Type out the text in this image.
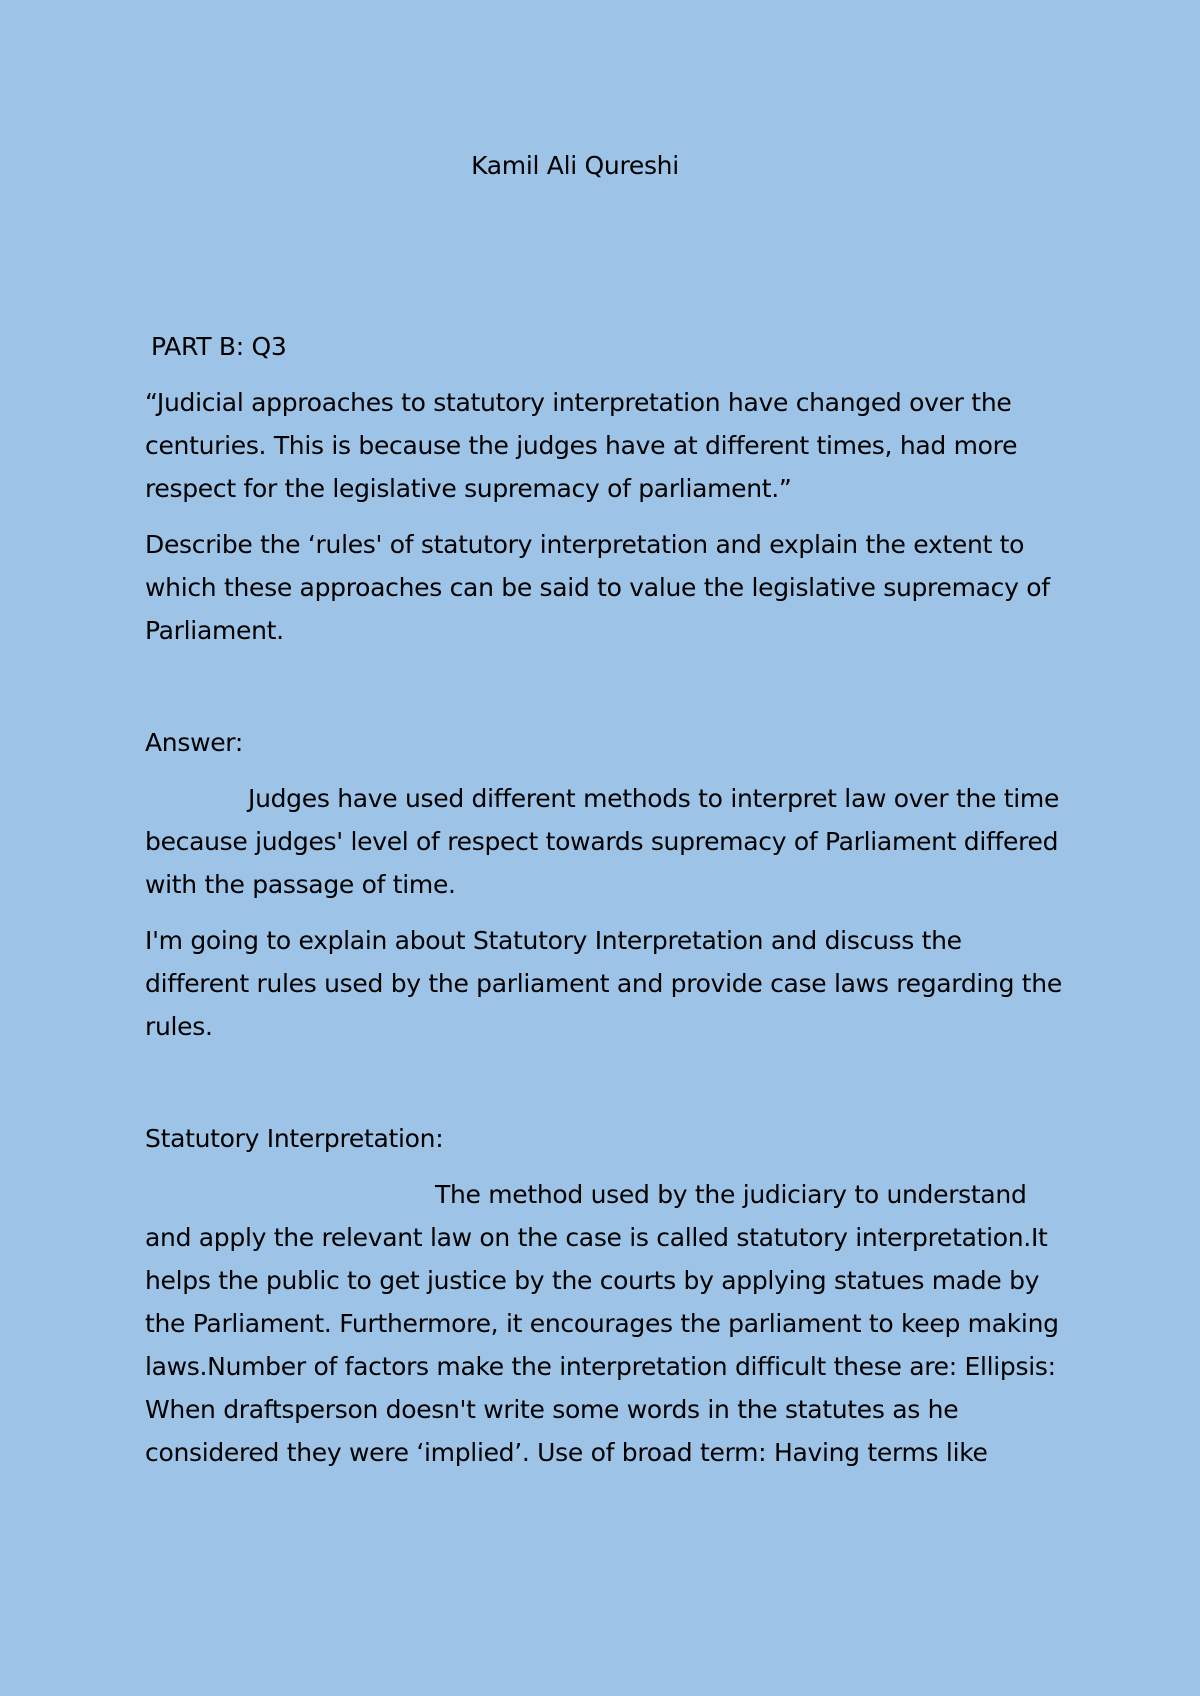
Kamil Ali Qureshi

PART B: Q3

“Judicial approaches to statutory interpretation have changed over the centuries. This is because the judges have at different times, had more respect for the legislative supremacy of parliament.”

Describe the ‘rules' of statutory interpretation and explain the extent to which these approaches can be said to value the legislative supremacy of Parliament.

Answer:

Judges have used different methods to interpret law over the time because judges' level of respect towards supremacy of Parliament differed with the passage of time.

I'm going to explain about Statutory Interpretation and discuss the different rules used by the parliament and provide case laws regarding the rules.

Statutory Interpretation:

The method used by the judiciary to understand and apply the relevant law on the case is called statutory interpretation.It helps the public to get justice by the courts by applying statues made by the Parliament. Furthermore, it encourages the parliament to keep making laws.Number of factors make the interpretation difficult these are: Ellipsis: When draftsperson doesn't write some words in the statutes as he considered they were ‘implied’. Use of broad term: Having terms like
